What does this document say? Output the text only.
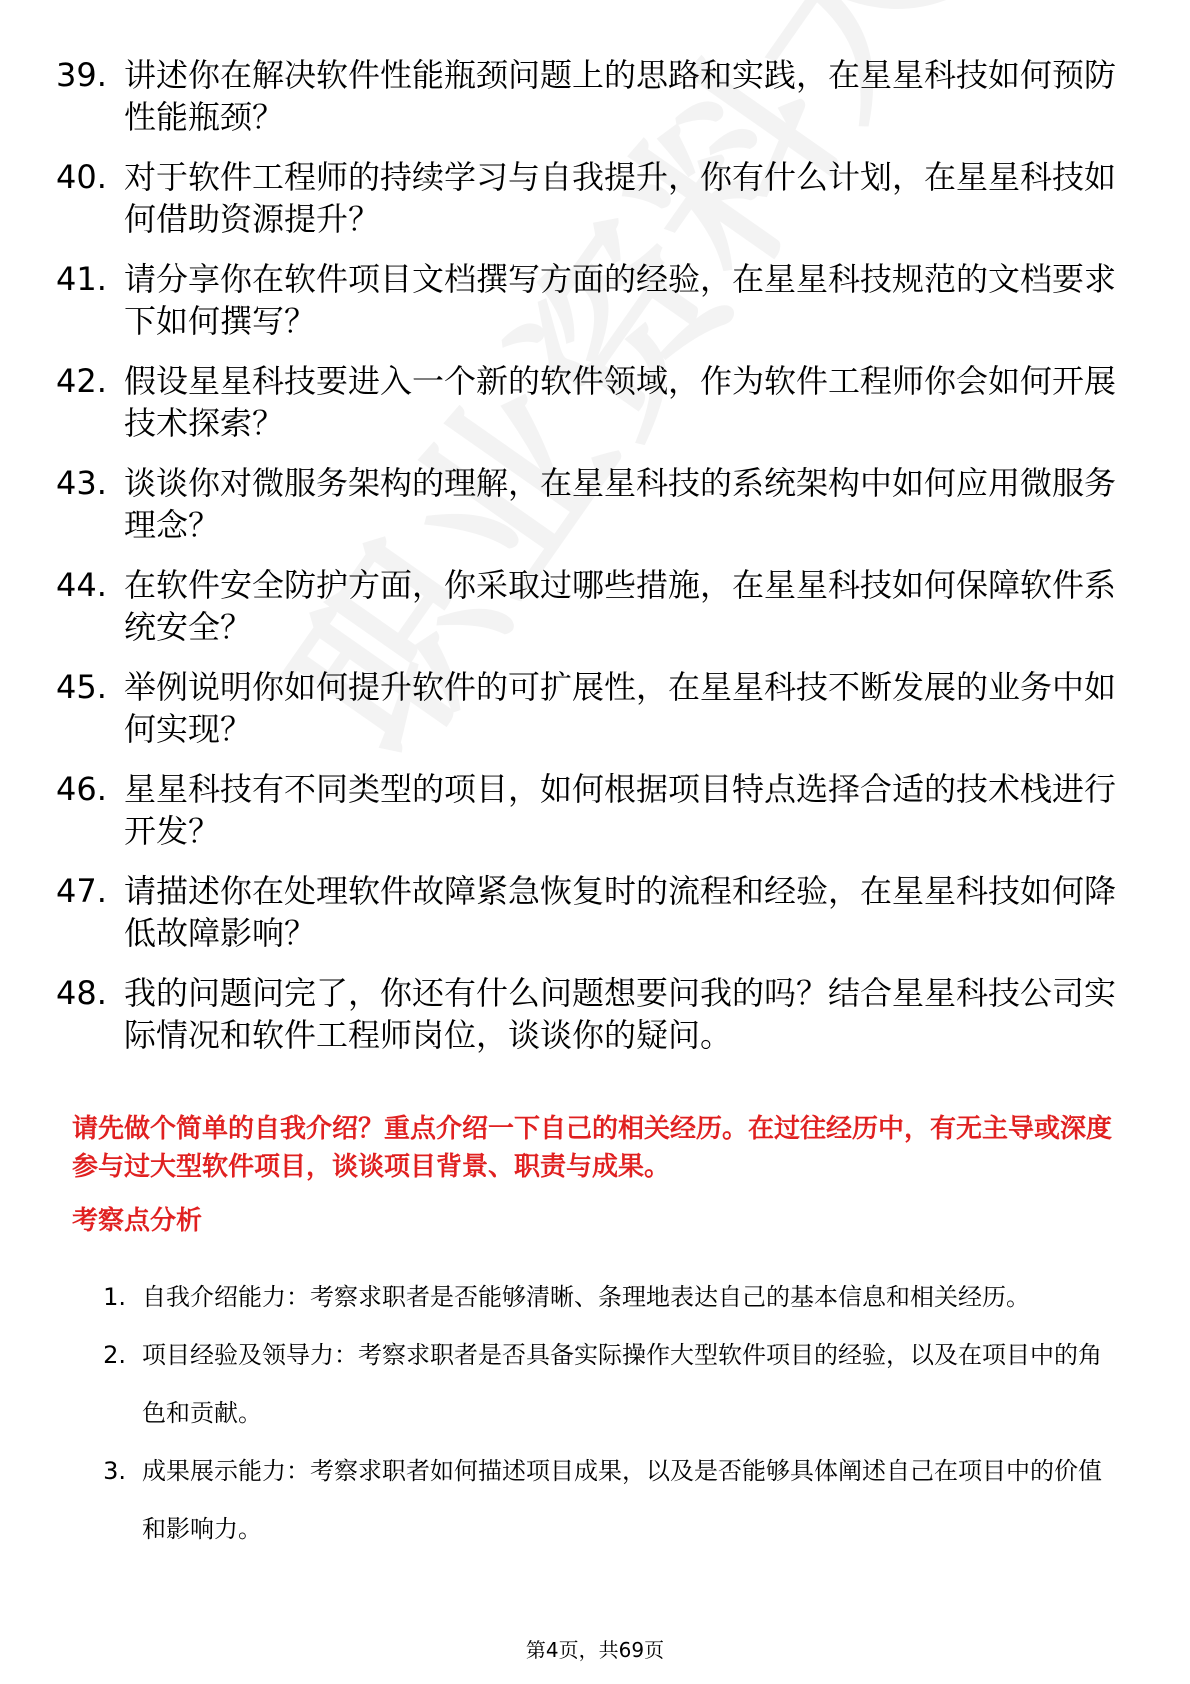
39. 讲述你在解决软件性能瓶颈问题上的思路和实践，在星星科技如何预防性能瓶颈？
40. 对于软件工程师的持续学习与自我提升，你有什么计划，在星星科技如何借助资源提升？
41. 请分享你在软件项目文档撰写方面的经验，在星星科技规范的文档要求下如何撰写？
42. 假设星星科技要进入一个新的软件领域，作为软件工程师你会如何开展技术探索？
43. 谈谈你对微服务架构的理解，在星星科技的系统架构中如何应用微服务理念？
44. 在软件安全防护方面，你采取过哪些措施，在星星科技如何保障软件系统安全？
45. 举例说明你如何提升软件的可扩展性，在星星科技不断发展的业务中如何实现？
46. 星星科技有不同类型的项目，如何根据项目特点选择合适的技术栈进行开发？
47. 请描述你在处理软件故障紧急恢复时的流程和经验，在星星科技如何降低故障影响？
48. 我的问题问完了，你还有什么问题想要问我的吗？结合星星科技公司实际情况和软件工程师岗位，谈谈你的疑问。
请先做个简单的自我介绍？重点介绍一下自己的相关经历。在过往经历中，有无主导或深度参与过大型软件项目，谈谈项目背景、职责与成果。
考察点分析
1. 自我介绍能力：考察求职者是否能够清晰、条理地表达自己的基本信息和相关经历。
2. 项目经验及领导力：考察求职者是否具备实际操作大型软件项目的经验，以及在项目中的角色和贡献。
3. 成果展示能力：考察求职者如何描述项目成果，以及是否能够具体阐述自己在项目中的价值和影响力。
第4页，共69页
